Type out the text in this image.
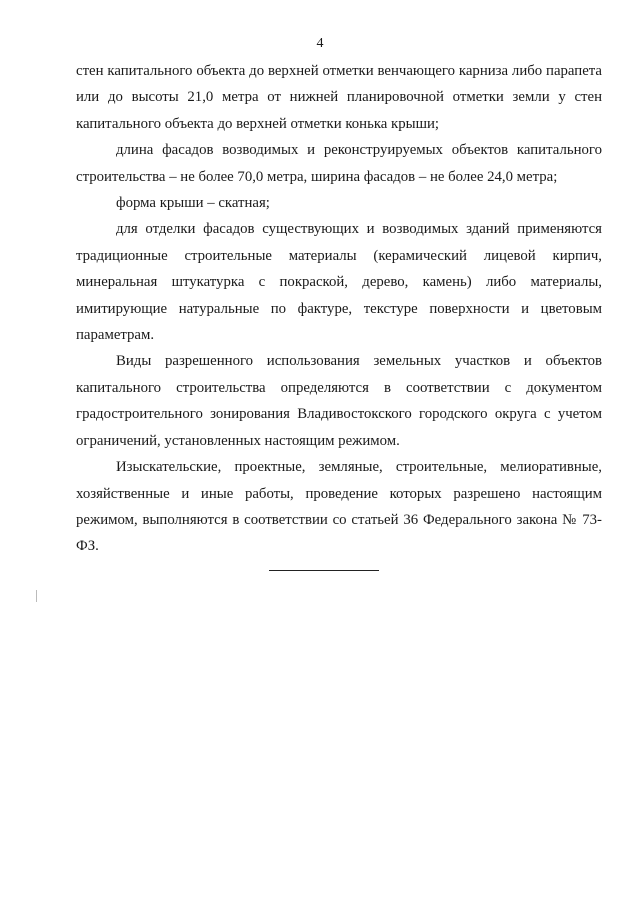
4

стен капитального объекта до верхней отметки венчающего карниза либо парапета или до высоты 21,0 метра от нижней планировочной отметки земли у стен капитального объекта до верхней отметки конька крыши;

длина фасадов возводимых и реконструируемых объектов капитального строительства – не более 70,0 метра, ширина фасадов – не более 24,0 метра;

форма крыши – скатная;

для отделки фасадов существующих и возводимых зданий применяются традиционные строительные материалы (керамический лицевой кирпич, минеральная штукатурка с покраской, дерево, камень) либо материалы, имитирующие натуральные по фактуре, текстуре поверхности и цветовым параметрам.

Виды разрешенного использования земельных участков и объектов капитального строительства определяются в соответствии с документом градостроительного зонирования Владивостокского городского округа с учетом ограничений, установленных настоящим режимом.

Изыскательские, проектные, земляные, строительные, мелиоративные, хозяйственные и иные работы, проведение которых разрешено настоящим режимом, выполняются в соответствии со статьей 36 Федерального закона № 73-ФЗ.
